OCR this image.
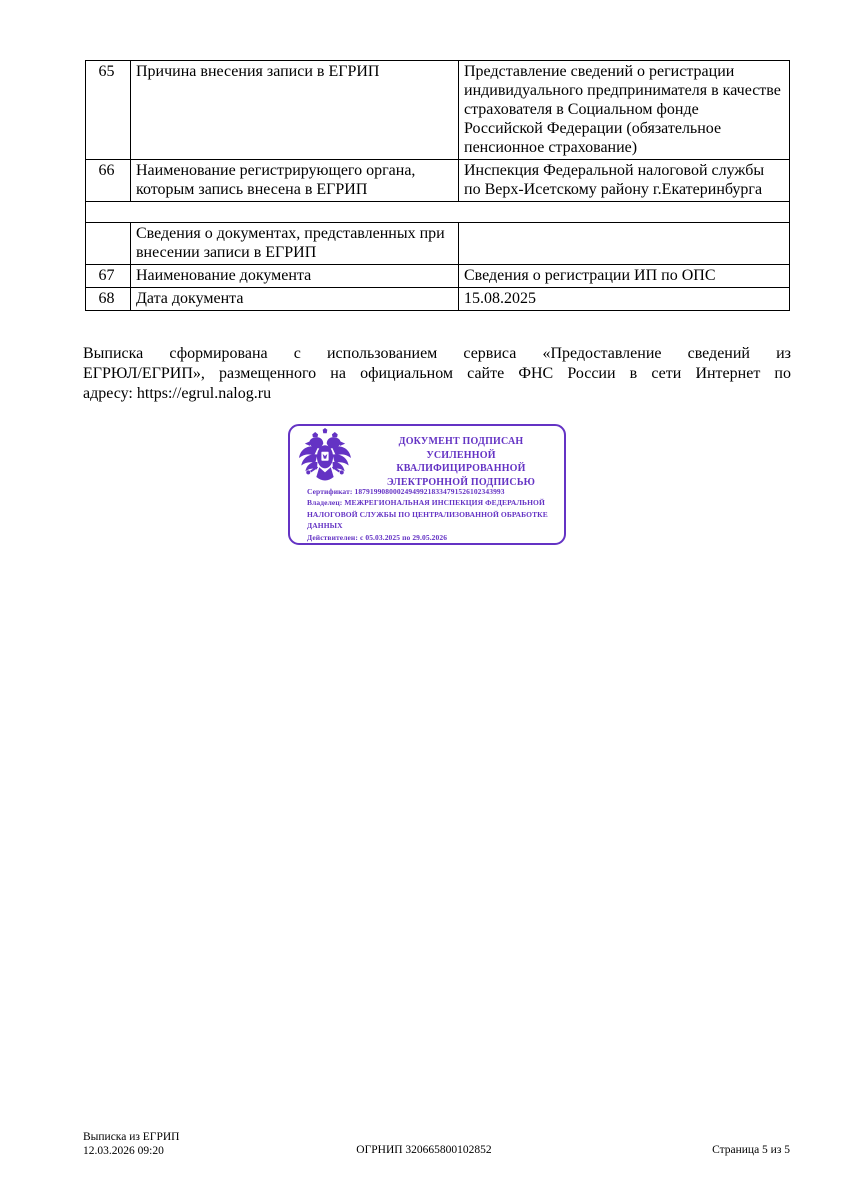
65	Причина внесения записи в ЕГРИП	Представление сведений о регистрации индивидуального предпринимателя в качестве страхователя в Социальном фонде Российской Федерации (обязательное пенсионное страхование)
66	Наименование регистрирующего органа, которым запись внесена в ЕГРИП	Инспекция Федеральной налоговой службы по Верх-Исетскому району г.Екатеринбурга

	Сведения о документах, представленных при внесении записи в ЕГРИП	
67	Наименование документа	Сведения о регистрации ИП по ОПС
68	Дата документа	15.08.2025
Выписка сформирована с использованием сервиса «Предоставление сведений из
ЕГРЮЛ/ЕГРИП», размещенного на официальном сайте ФНС России в сети Интернет по
адресу: https://egrul.nalog.ru
ДОКУМЕНТ ПОДПИСАН
УСИЛЕННОЙ КВАЛИФИЦИРОВАННОЙ
ЭЛЕКТРОННОЙ ПОДПИСЬЮ
Сертификат: 187919908000249499218334791526102343993
Владелец: МЕЖРЕГИОНАЛЬНАЯ ИНСПЕКЦИЯ ФЕДЕРАЛЬНОЙ НАЛОГОВОЙ СЛУЖБЫ ПО ЦЕНТРАЛИЗОВАННОЙ ОБРАБОТКЕ ДАННЫХ
Действителен: с 05.03.2025 по 29.05.2026
Выписка из ЕГРИП
12.03.2026 09:20	ОГРНИП 320665800102852	Страница 5 из 5
